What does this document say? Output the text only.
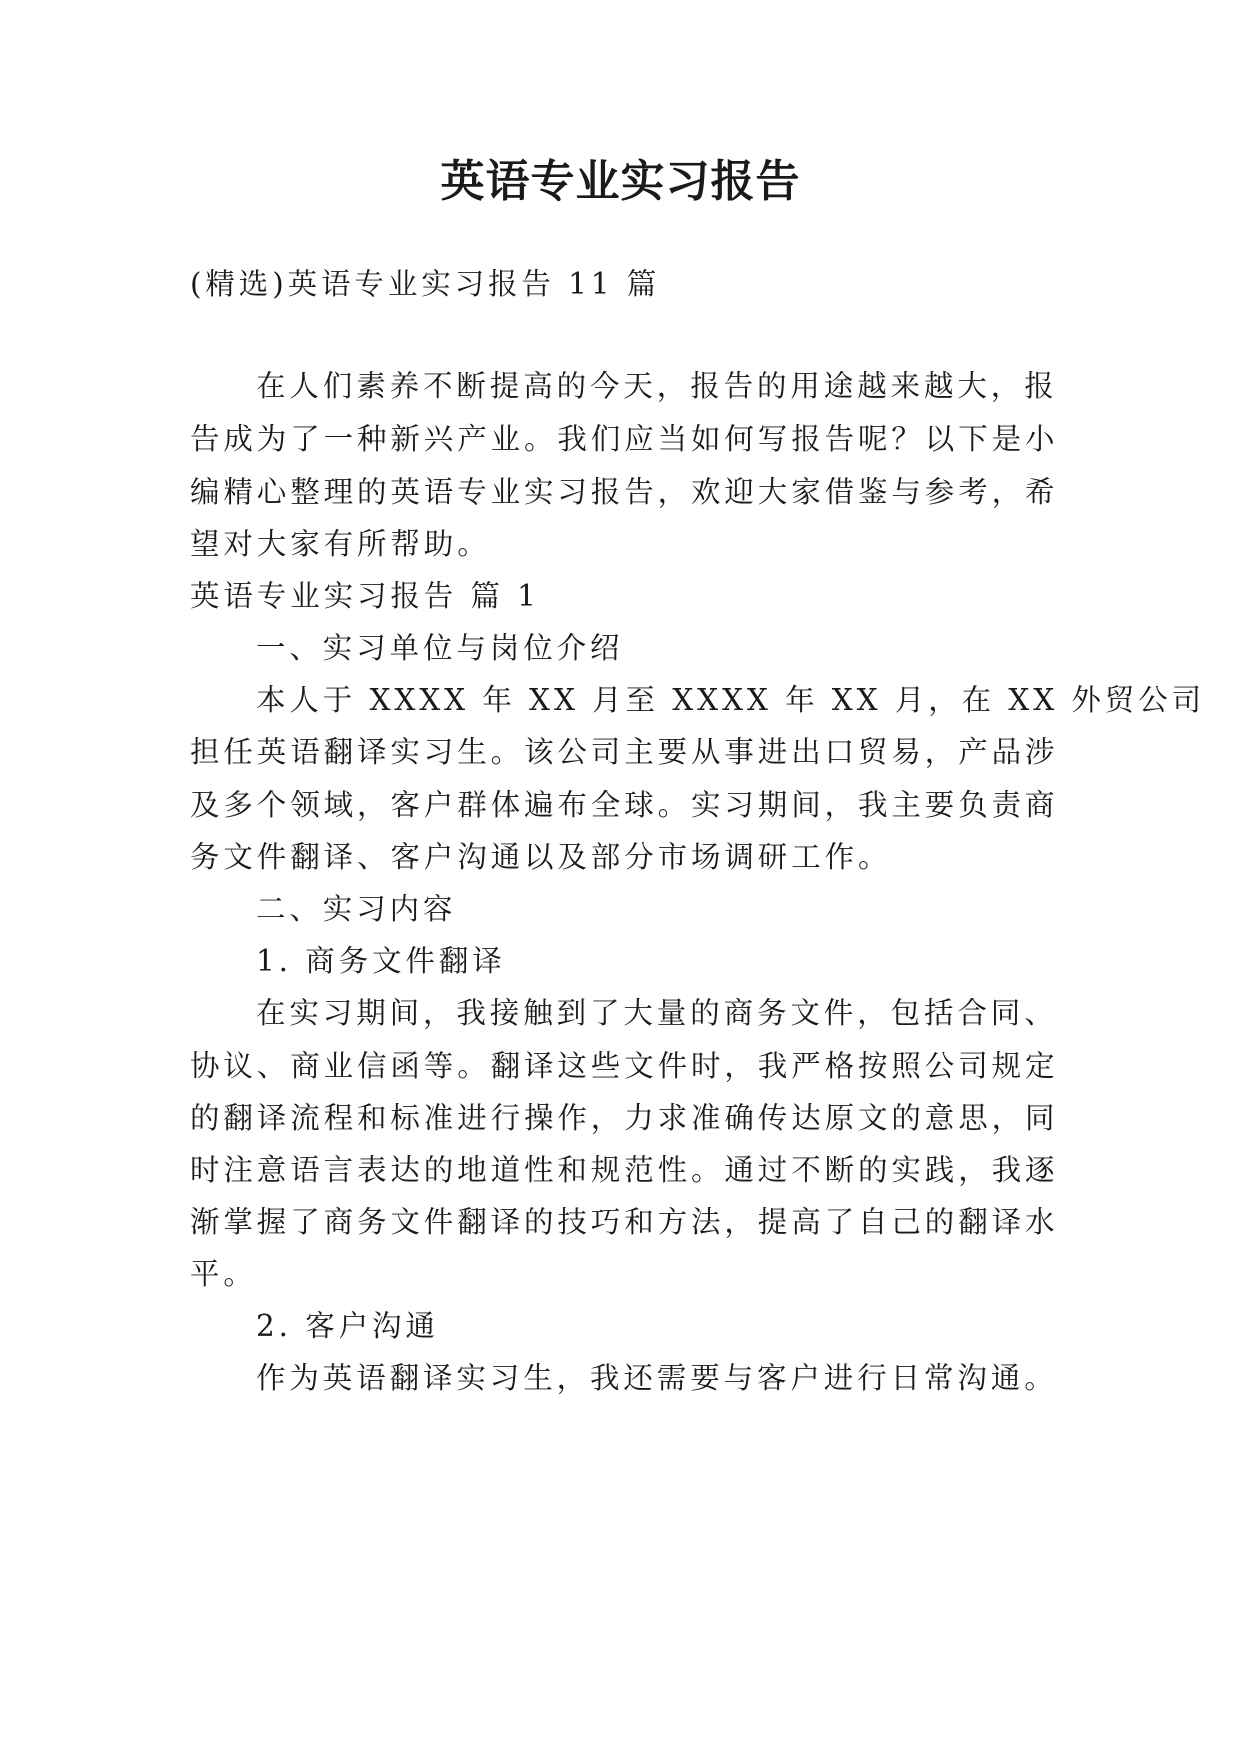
英语专业实习报告
(精选)英语专业实习报告 11 篇
在人们素养不断提高的今天，报告的用途越来越大，报
告成为了一种新兴产业。我们应当如何写报告呢？以下是小
编精心整理的英语专业实习报告，欢迎大家借鉴与参考，希
望对大家有所帮助。
英语专业实习报告 篇 1
一、实习单位与岗位介绍
本人于 XXXX 年 XX 月至 XXXX 年 XX 月，在 XX 外贸公司
担任英语翻译实习生。该公司主要从事进出口贸易，产品涉
及多个领域，客户群体遍布全球。实习期间，我主要负责商
务文件翻译、客户沟通以及部分市场调研工作。
二、实习内容
1. 商务文件翻译
在实习期间，我接触到了大量的商务文件，包括合同、
协议、商业信函等。翻译这些文件时，我严格按照公司规定
的翻译流程和标准进行操作，力求准确传达原文的意思，同
时注意语言表达的地道性和规范性。通过不断的实践，我逐
渐掌握了商务文件翻译的技巧和方法，提高了自己的翻译水
平。
2. 客户沟通
作为英语翻译实习生，我还需要与客户进行日常沟通。
